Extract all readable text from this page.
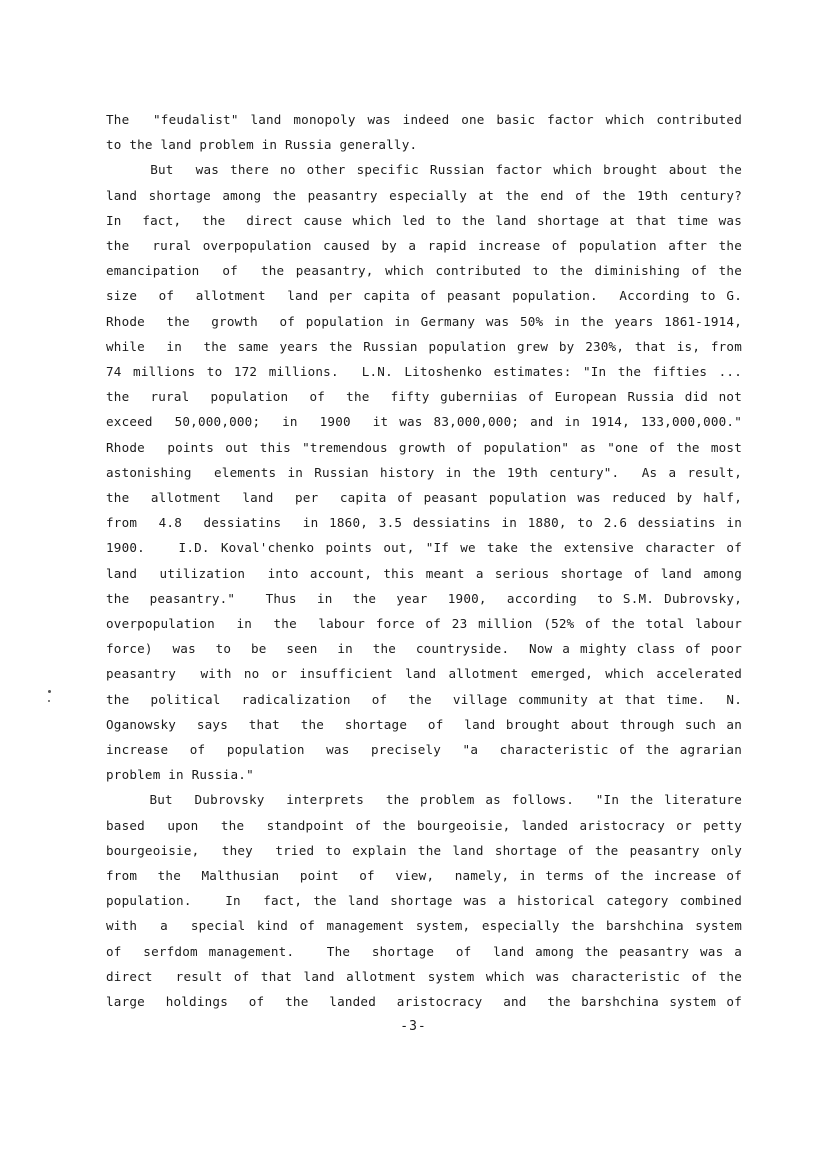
The  "feudalist" land monopoly was indeed one basic factor which contributed
to the land problem in Russia generally.
But  was there no other specific Russian factor which brought about the
land shortage among the peasantry especially at the end of the 19th century?
In  fact,  the  direct cause which led to the land shortage at that time was
the  rural overpopulation caused by a rapid increase of population after the
emancipation  of  the peasantry, which contributed to the diminishing of the
size  of  allotment  land per capita of peasant population.  According to G.
Rhode  the  growth  of population in Germany was 50% in the years 1861-1914,
while  in  the same years the Russian population grew by 230%, that is, from
74 millions to 172 millions.  L.N. Litoshenko estimates: "In the fifties ...
the  rural  population  of  the  fifty guberniias of European Russia did not
exceed  50,000,000;  in  1900  it was 83,000,000; and in 1914, 133,000,000."
Rhode  points out this "tremendous growth of population" as "one of the most
astonishing  elements in Russian history in the 19th century".  As a result,
the  allotment  land  per  capita of peasant population was reduced by half,
from  4.8  dessiatins  in 1860, 3.5 dessiatins in 1880, to 2.6 dessiatins in
1900.   I.D. Koval'chenko points out, "If we take the extensive character of
land  utilization  into account, this meant a serious shortage of land among
the  peasantry."   Thus  in  the  year  1900,  according  to S.M. Dubrovsky,
overpopulation  in  the  labour force of 23 million (52% of the total labour
force)  was  to  be  seen  in  the  countryside.  Now a mighty class of poor
peasantry  with no or insufficient land allotment emerged, which accelerated
the  political  radicalization  of  the  village community at that time.  N.
Oganowsky  says  that  the  shortage  of  land brought about through such an
increase  of  population  was  precisely  "a  characteristic of the agrarian
problem in Russia."
But  Dubrovsky  interprets  the problem as follows.  "In the literature
based  upon  the  standpoint of the bourgeoisie, landed aristocracy or petty
bourgeoisie,  they  tried to explain the land shortage of the peasantry only
from  the  Malthusian  point  of  view,  namely, in terms of the increase of
population.   In  fact, the land shortage was a historical category combined
with  a  special kind of management system, especially the barshchina system
of  serfdom management.   The  shortage  of  land among the peasantry was a
direct  result of that land allotment system which was characteristic of the
large  holdings  of  the  landed  aristocracy  and  the barshchina system of
-3-
